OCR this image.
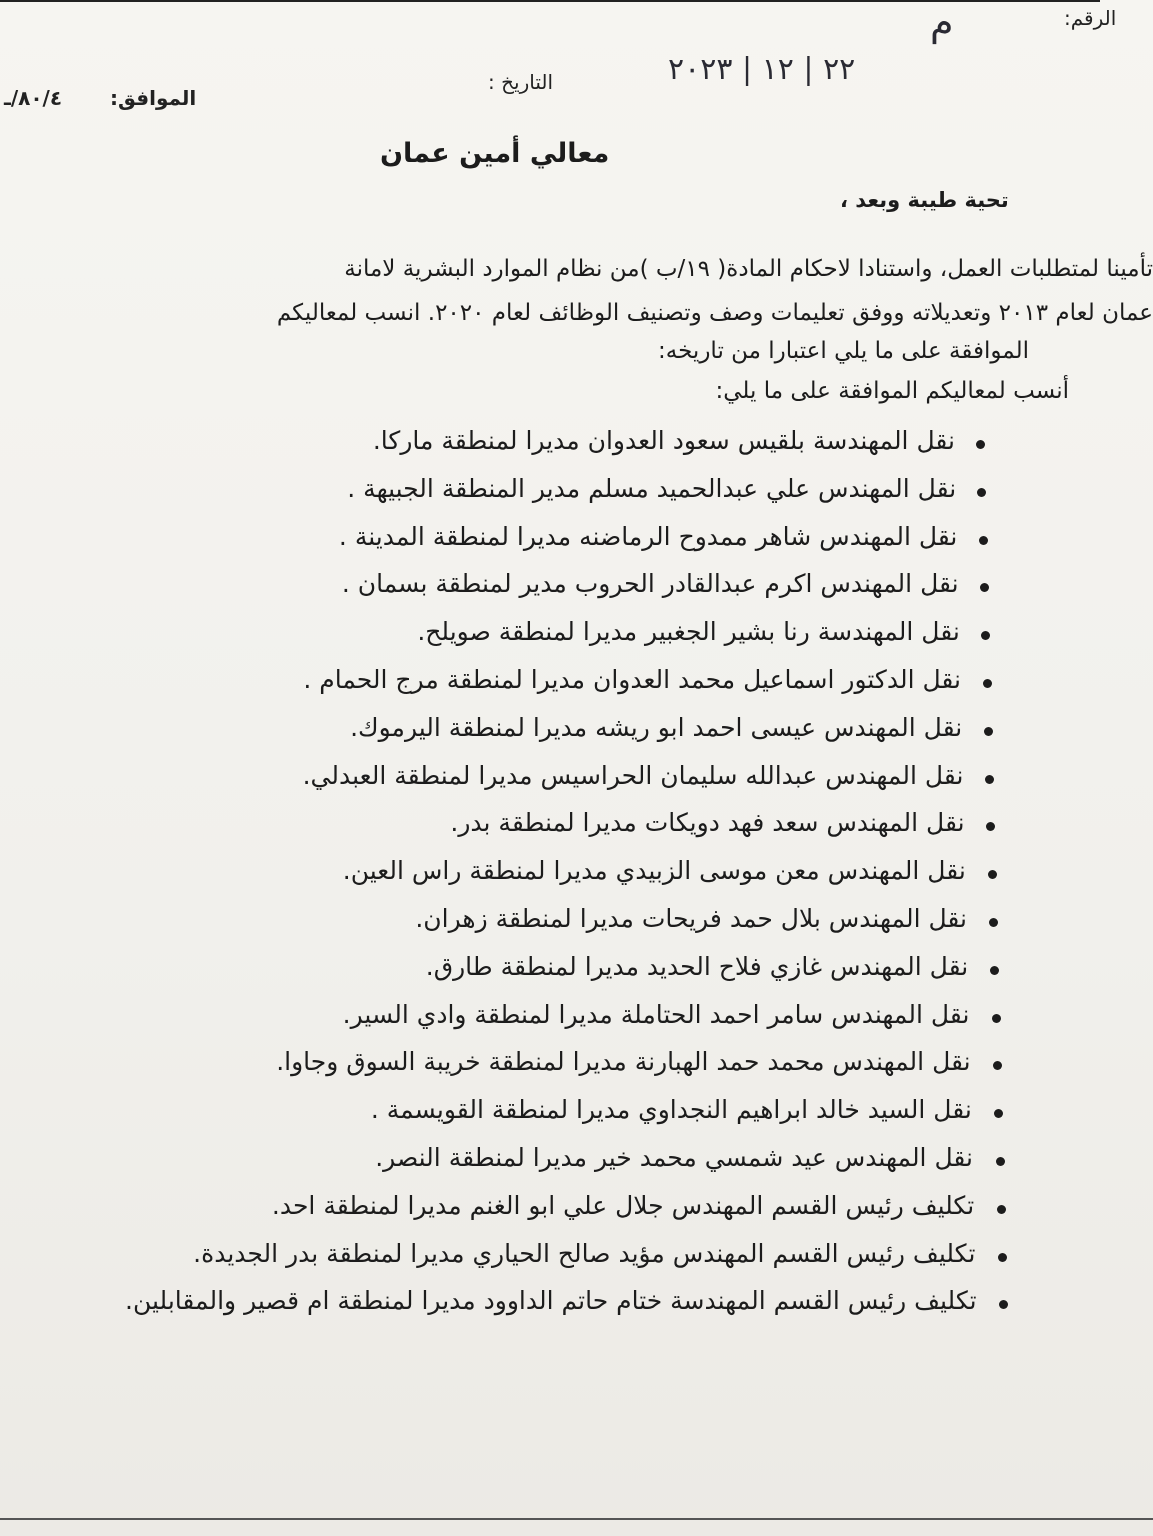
الرقم:
م
التاريخ :	٢٢ | ١٢ | ٢٠٢٣
الموافق:
٨٠/٤/ـ
معالي أمين عمان
تحية طيبة وبعد ،
تأمينا لمتطلبات العمل، واستنادا لاحكام المادة( ١٩/ب )من نظام الموارد البشرية لامانة
عمان لعام ٢٠١٣ وتعديلاته ووفق تعليمات وصف وتصنيف الوظائف لعام ٢٠٢٠. انسب لمعاليكم
الموافقة على ما يلي اعتبارا من تاريخه:
أنسب لمعاليكم الموافقة على ما يلي:
نقل المهندسة بلقيس سعود العدوان مديرا لمنطقة ماركا.
نقل المهندس علي عبدالحميد مسلم مدير المنطقة الجبيهة .
نقل المهندس شاهر ممدوح الرماضنه مديرا لمنطقة المدينة .
نقل المهندس اكرم عبدالقادر الحروب مدير لمنطقة بسمان .
نقل المهندسة رنا بشير الجغبير مديرا لمنطقة صويلح.
نقل الدكتور اسماعيل محمد العدوان مديرا لمنطقة مرج الحمام .
نقل المهندس عيسى احمد ابو ريشه مديرا لمنطقة اليرموك.
نقل المهندس عبدالله سليمان الحراسيس مديرا لمنطقة العبدلي.
نقل المهندس سعد فهد دويكات مديرا لمنطقة بدر.
نقل المهندس معن موسى الزبيدي مديرا لمنطقة راس العين.
نقل المهندس بلال حمد فريحات مديرا لمنطقة زهران.
نقل المهندس غازي فلاح الحديد مديرا لمنطقة طارق.
نقل المهندس سامر احمد الحتاملة مديرا لمنطقة وادي السير.
نقل المهندس محمد حمد الهبارنة مديرا لمنطقة خريبة السوق وجاوا.
نقل السيد خالد ابراهيم النجداوي مديرا لمنطقة القويسمة .
نقل المهندس عيد شمسي محمد خير مديرا لمنطقة النصر.
تكليف رئيس القسم المهندس جلال علي ابو الغنم مديرا لمنطقة احد.
تكليف رئيس القسم المهندس مؤيد صالح الحياري مديرا لمنطقة بدر الجديدة.
تكليف رئيس القسم المهندسة ختام حاتم الداوود مديرا لمنطقة ام قصير والمقابلين.
